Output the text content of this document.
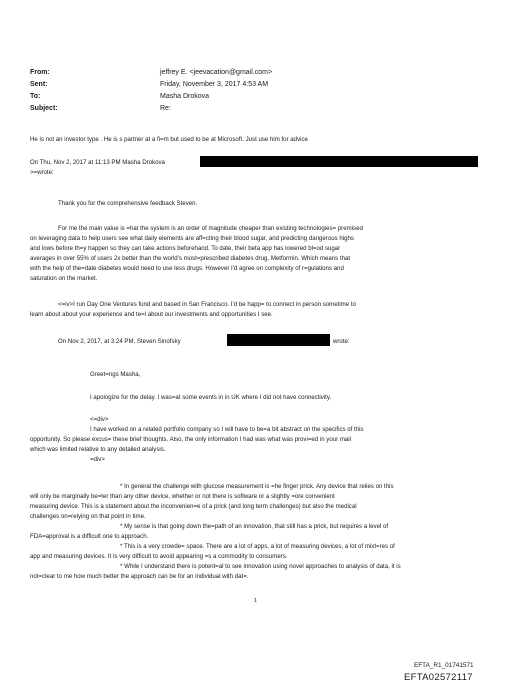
From:	jeffrey E. <jeevacation@gmail.com>
Sent:	Friday, November 3, 2017 4:53 AM
To:	Masha Drokova
Subject:	Re:
He is not an investor type . He is s partner at a fi=m but used to be at Microsoft. Just use him for advice
On Thu, Nov 2, 2017 at 11:13 PM Masha Drokova
>=wrote:
Thank you for the comprehensive feedback Steven.
For me the main value is =hat the system is an order of magnitude cheaper than existing technologies= premised
on leveraging data to help users see what daily elements are aff=cting their blood sugar, and predicting dangerous highs
and lows before th=y happen so they can take actions beforehand. To date, their beta app has lowered bl=od sugar
averages in over 55% of users 2x better than the world's most=prescribed diabetes drug, Metformin. Which means that
with the help of the=date diabetes would need to use less drugs. However I'd agree on complexity of r=gulations and
saturation on the market.
<=iv>I run Day One Ventures fund and based in San Francisco. I'd be happ= to connect in person sometime to
learn about about your experience and te=l about our investments and opportunities I see.
On Nov 2, 2017, at 3:24 PM, Steven Sinofsky	wrote:
Greet=ngs Masha,
I apologize for the delay. I was=at some events in in UK where I did not have connectivity.
<=div>
I have worked on a related portfolio company so I will have to be=a bit abstract on the specifics of this
opportunity. So please excus= these brief thoughts. Also, the only information I had was what was provi=ed in your mail
which was limited relative to any detailed analysis.
=div>
* In general the challenge with glucose measurement is =he finger prick. Any device that relies on this
will only be marginally be=ter than any other device, whether or not there is software or a slightly =ore convenient
measuring device. This is a statement about the inconvenien=e of a prick (and long term challenges) but also the medical
challenges on=relying on that point in time.
* My sense is that going down the=path of an innovation, that still has a prick, but requires a level of
FDA=approval is a difficult one to approach.
* This is a very crowde= space. There are a lot of apps, a lot of measuring devices, a lot of mixt=res of
app and measuring devices. It is very difficult to avoid appearing =s a commodity to consumers.
* While I understand there is potent=al to see innovation using novel approaches to analysis of data, it is
not=clear to me how much better the approach can be for an individual with dat=.
1
EFTA_R1_01741571
EFTA02572117
